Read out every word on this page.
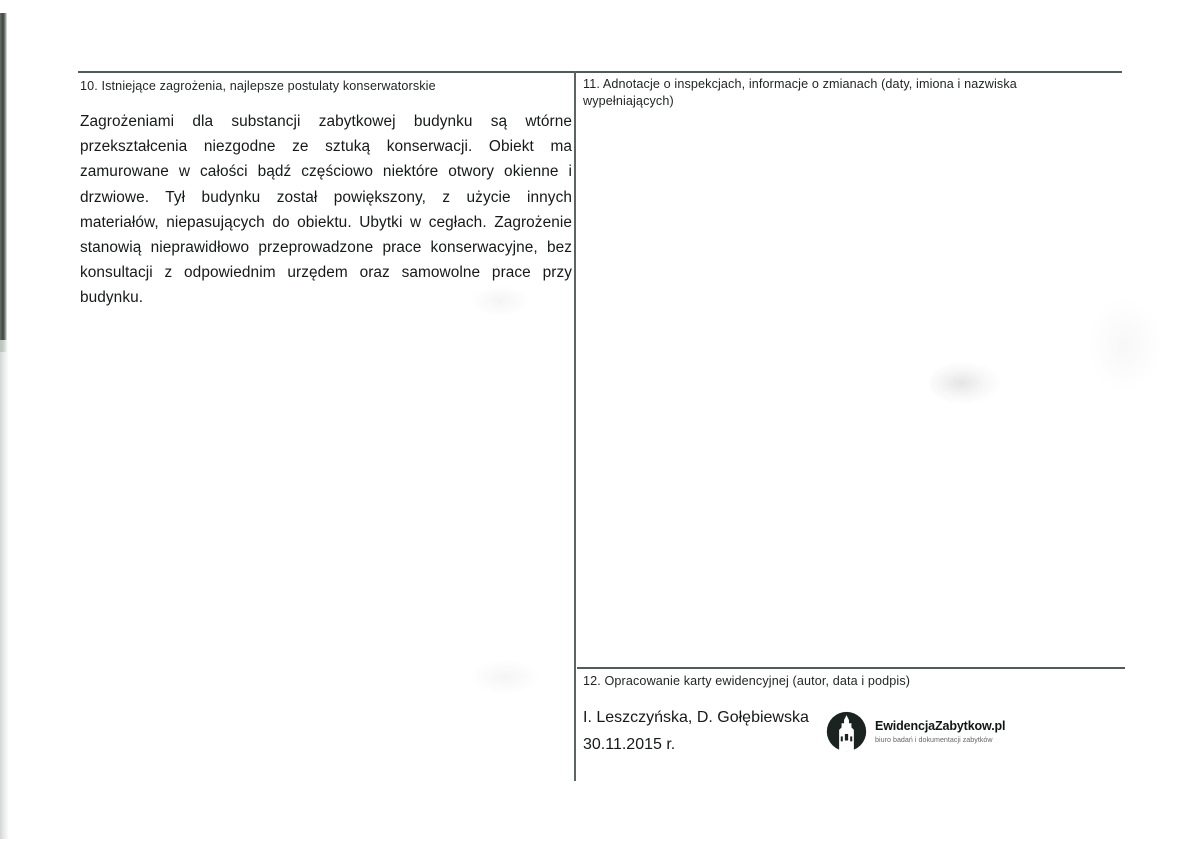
10. Istniejące zagrożenia, najlepsze postulaty konserwatorskie

Zagrożeniami dla substancji zabytkowej budynku są wtórne przekształcenia niezgodne ze sztuką konserwacji. Obiekt ma zamurowane w całości bądź częściowo niektóre otwory okienne i drzwiowe. Tył budynku został powiększony, z użycie innych materiałów, niepasujących do obiektu. Ubytki w cegłach. Zagrożenie stanowią nieprawidłowo przeprowadzone prace konserwacyjne, bez konsultacji z odpowiednim urzędem oraz samowolne prace przy budynku.

11. Adnotacje o inspekcjach, informacje o zmianach (daty, imiona i nazwiska
wypełniających)

12. Opracowanie karty ewidencyjnej (autor, data i podpis)

I. Leszczyńska, D. Gołębiewska
30.11.2015 r.
EwidencjaZabytkow.pl
biuro badań i dokumentacji zabytków
